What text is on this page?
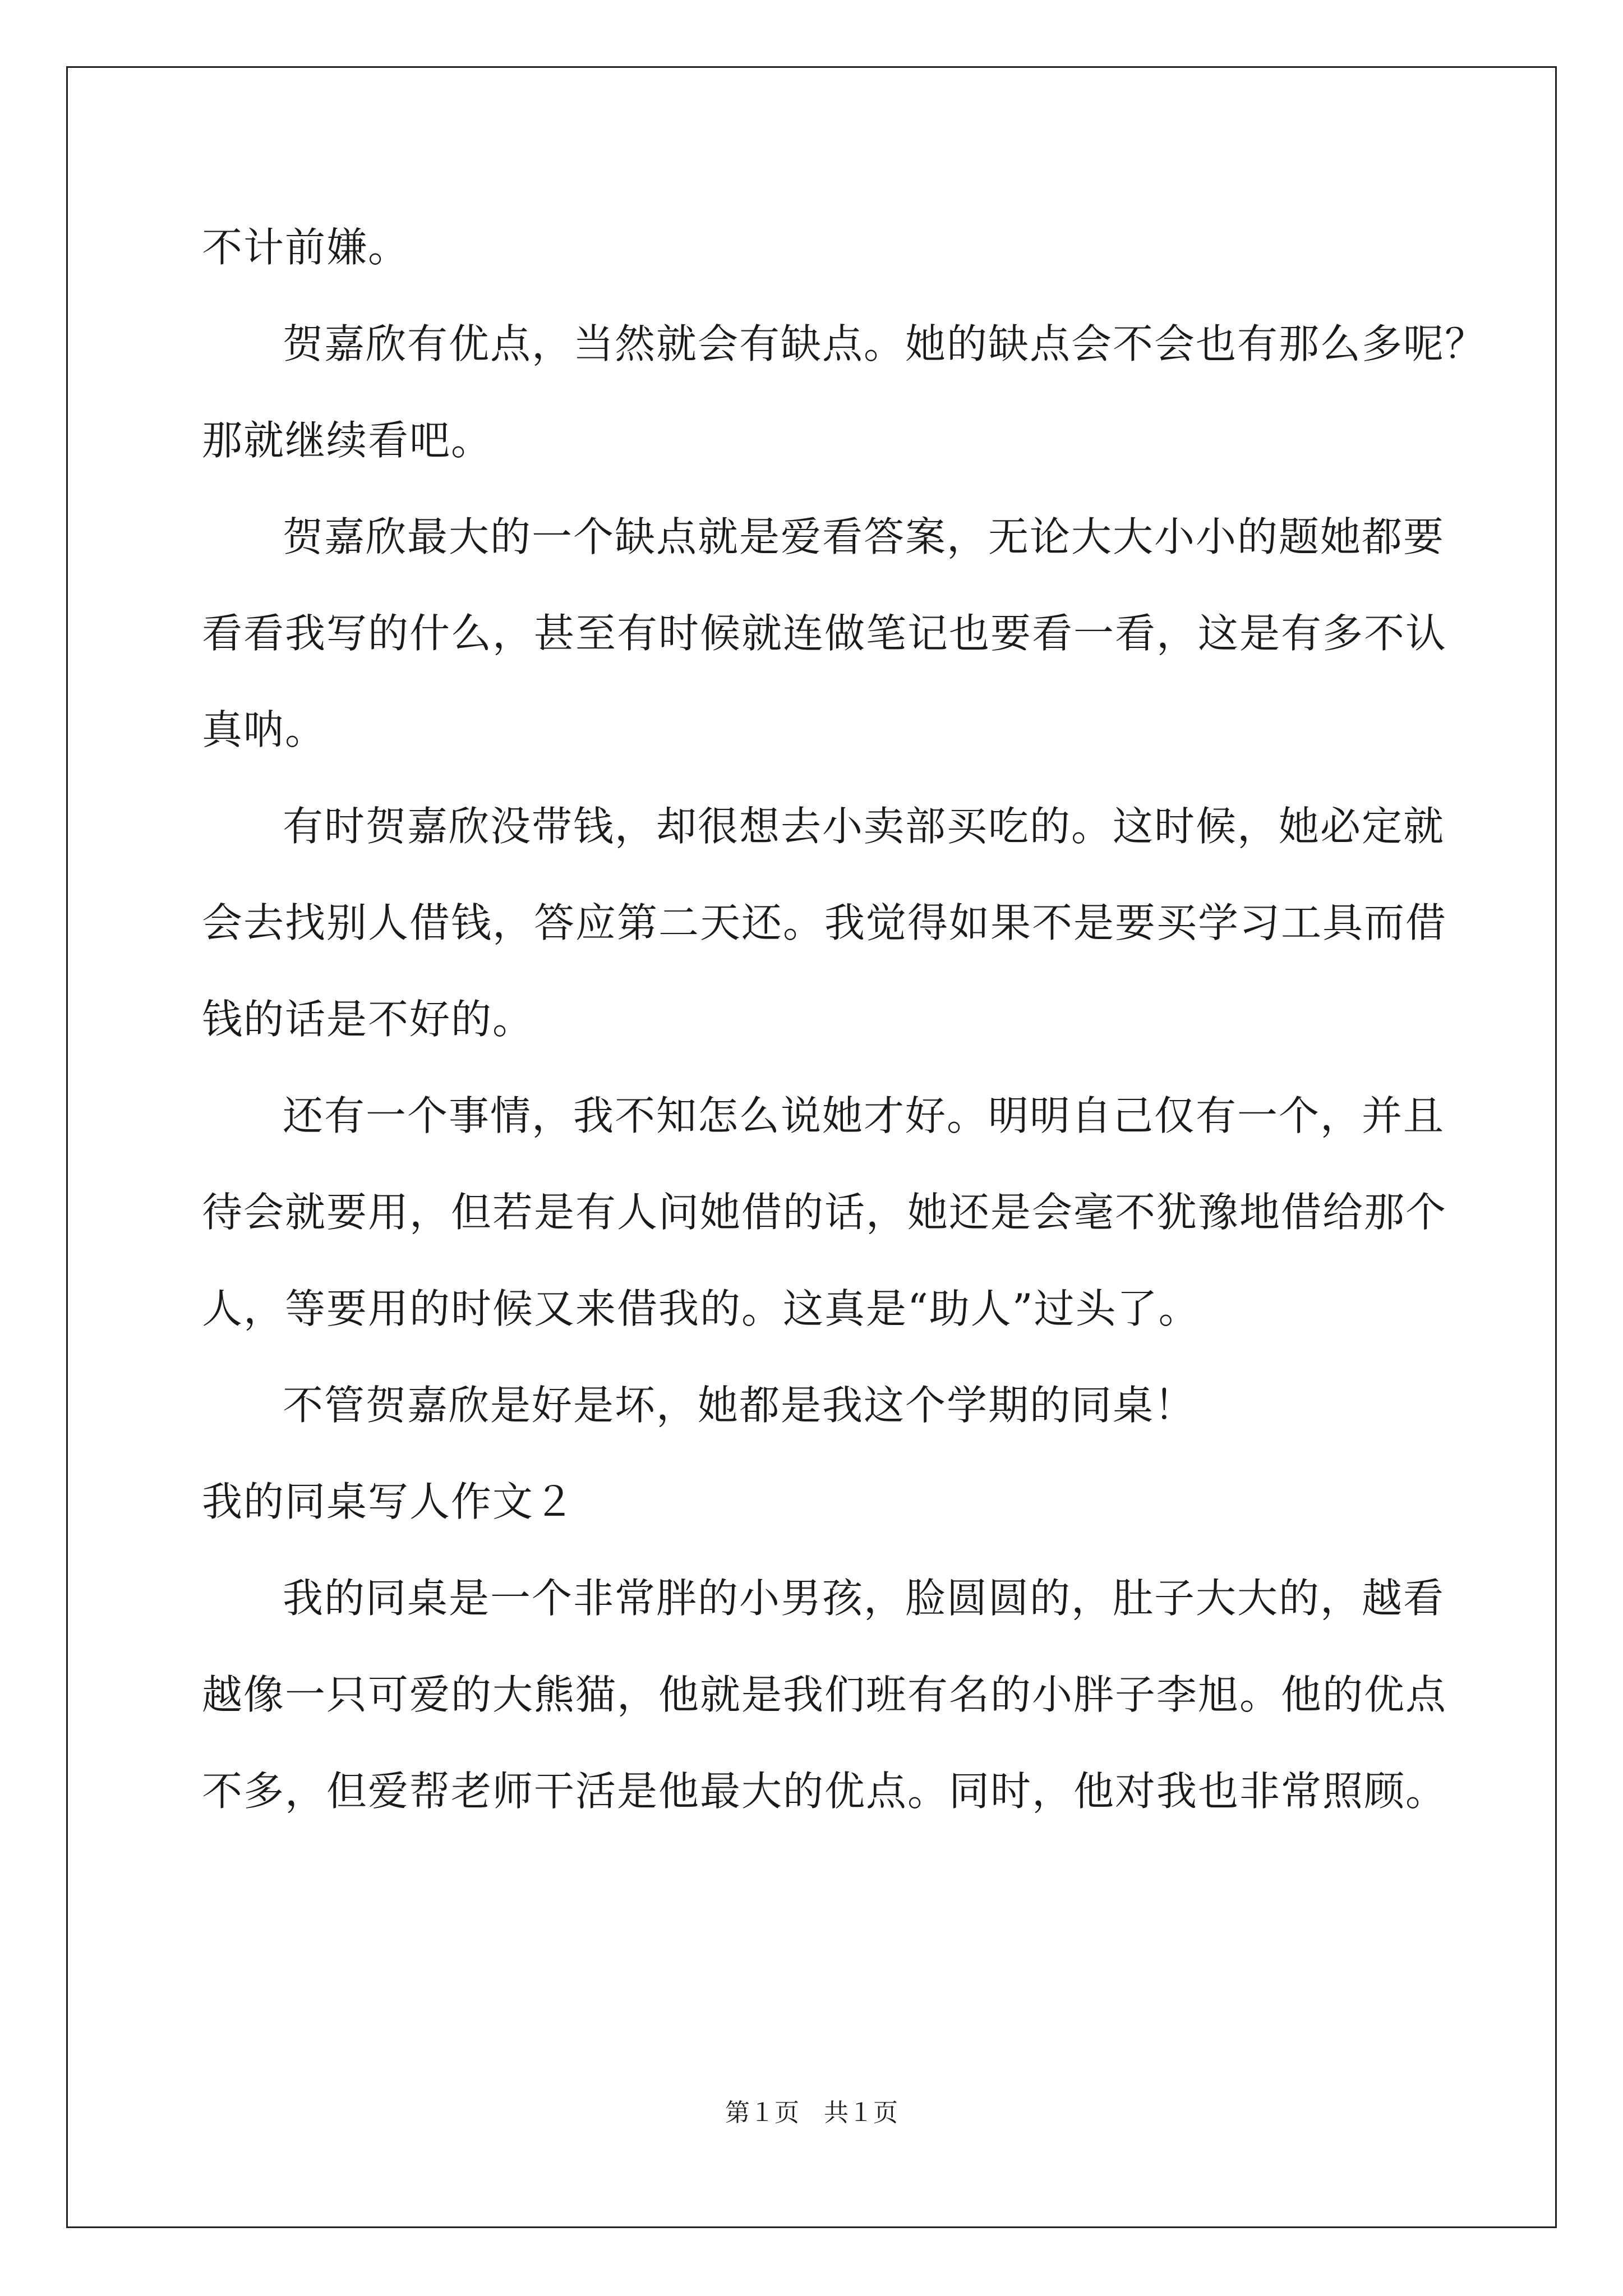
不计前嫌。
贺嘉欣有优点，当然就会有缺点。她的缺点会不会也有那么多呢？
那就继续看吧。
贺嘉欣最大的一个缺点就是爱看答案，无论大大小小的题她都要
看看我写的什么，甚至有时候就连做笔记也要看一看，这是有多不认
真呐。
有时贺嘉欣没带钱，却很想去小卖部买吃的。这时候，她必定就
会去找别人借钱，答应第二天还。我觉得如果不是要买学习工具而借
钱的话是不好的。
还有一个事情，我不知怎么说她才好。明明自己仅有一个，并且
待会就要用，但若是有人问她借的话，她还是会毫不犹豫地借给那个
人，等要用的时候又来借我的。这真是“助人”过头了。
不管贺嘉欣是好是坏，她都是我这个学期的同桌！
我的同桌写人作文２
我的同桌是一个非常胖的小男孩，脸圆圆的，肚子大大的，越看
越像一只可爱的大熊猫，他就是我们班有名的小胖子李旭。他的优点
不多，但爱帮老师干活是他最大的优点。同时，他对我也非常照顾。
第１页　共１页
